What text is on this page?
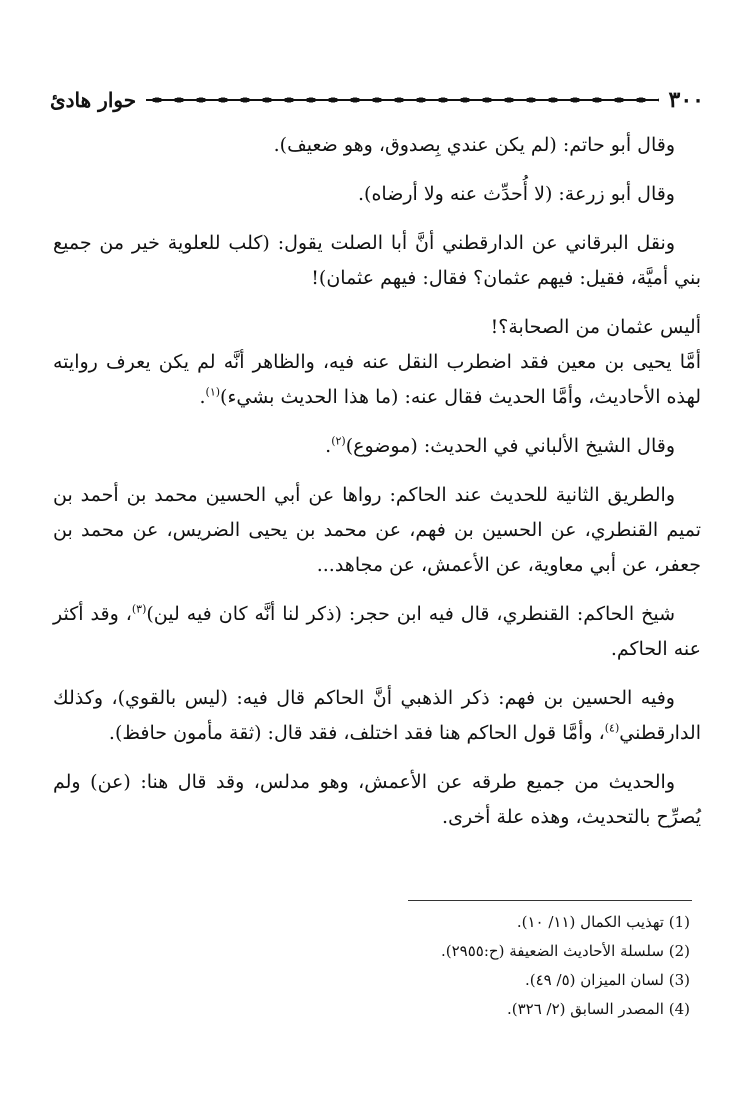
٣٠٠
حوار هادئ

وقال أبو حاتم: (لم يكن عندي بِصدوق، وهو ضعيف).

وقال أبو زرعة: (لا أُحدِّث عنه ولا أرضاه).

ونقل البرقاني عن الدارقطني أنَّ أبا الصلت يقول: (كلب للعلوية خير من جميع بني أميَّة، فقيل: فيهم عثمان؟ فقال: فيهم عثمان)!

أليس عثمان من الصحابة؟!

أمَّا يحيى بن معين فقد اضطرب النقل عنه فيه، والظاهر أنَّه لم يكن يعرف روايته لهذه الأحاديث، وأمَّا الحديث فقال عنه: (ما هذا الحديث بشيء)$^{(١)}$.

وقال الشيخ الألباني في الحديث: (موضوع)$^{(٢)}$.

والطريق الثانية للحديث عند الحاكم: رواها عن أبي الحسين محمد بن أحمد بن تميم القنطري، عن الحسين بن فهم، عن محمد بن يحيى الضريس، عن محمد بن جعفر، عن أبي معاوية، عن الأعمش، عن مجاهد...

شيخ الحاكم: القنطري، قال فيه ابن حجر: (ذكر لنا أنَّه كان فيه لين)$^{(٣)}$، وقد أكثر عنه الحاكم.

وفيه الحسين بن فهم: ذكر الذهبي أنَّ الحاكم قال فيه: (ليس بالقوي)، وكذلك الدارقطني$^{(٤)}$، وأمَّا قول الحاكم هنا فقد اختلف، فقد قال: (ثقة مأمون حافظ).

والحديث من جميع طرقه عن الأعمش، وهو مدلس، وقد قال هنا: (عن) ولم يُصرِّح بالتحديث، وهذه علة أخرى.

(1) تهذيب الكمال (١١/ ١٠).
(2) سلسلة الأحاديث الضعيفة (ح:٢٩٥٥).
(3) لسان الميزان (٥/ ٤٩).
(4) المصدر السابق (٢/ ٣٢٦).
